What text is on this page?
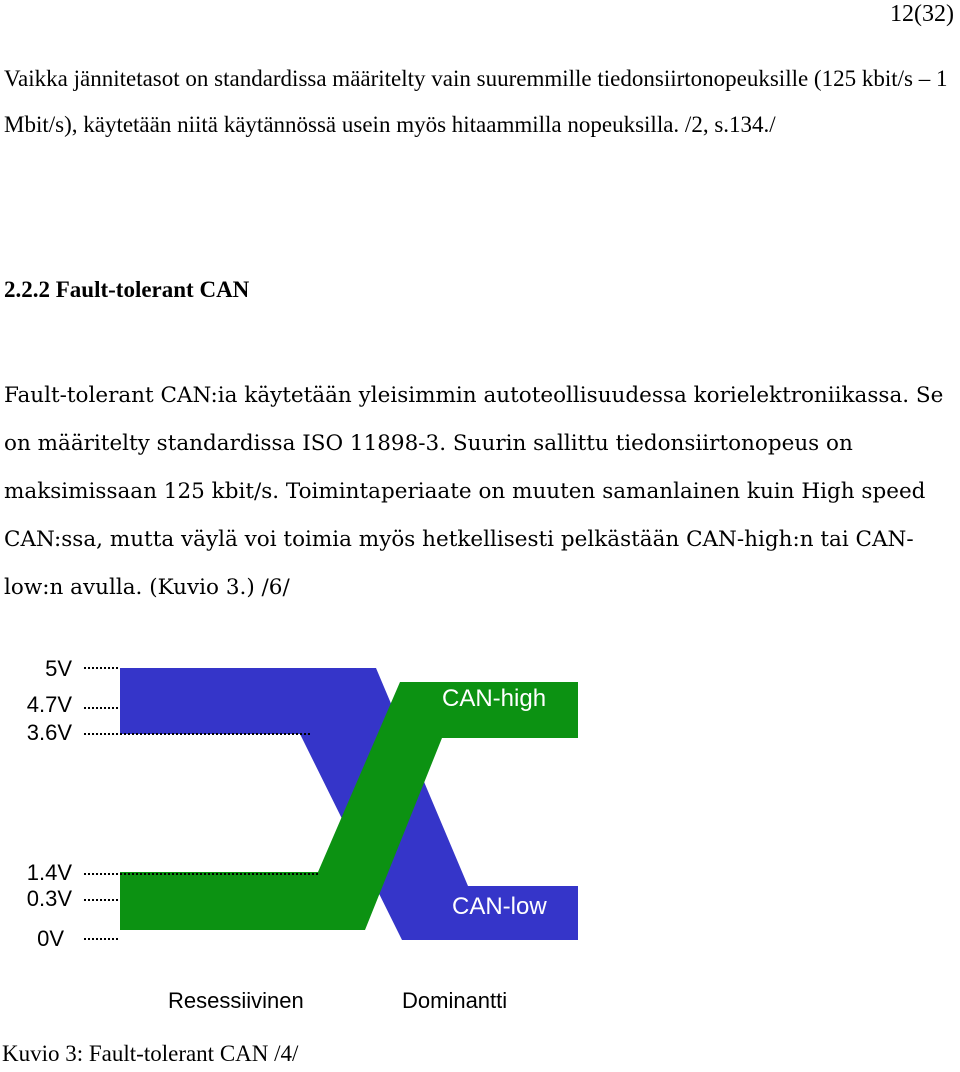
12(32)

Vaikka jännitetasot on standardissa määritelty vain suuremmille tiedonsiirtonopeuksille (125 kbit/s – 1 Mbit/s), käytetään niitä käytännössä usein myös hitaammilla nopeuksilla. /2, s.134./

2.2.2 Fault-tolerant CAN

Fault-tolerant CAN:ia käytetään yleisimmin autoteollisuudessa korielektroniikassa. Se on määritelty standardissa ISO 11898-3. Suurin sallittu tiedonsiirtonopeus on maksimissaan 125 kbit/s. Toimintaperiaate on muuten samanlainen kuin High speed CAN:ssa, mutta väylä voi toimia myös hetkellisesti pelkästään CAN-high:n tai CAN-low:n avulla. (Kuvio 3.) /6/

5V
4.7V
3.6V
1.4V
0.3V
0V
CAN-high
CAN-low
Resessiivinen	Dominantti

Kuvio 3: Fault-tolerant CAN /4/
